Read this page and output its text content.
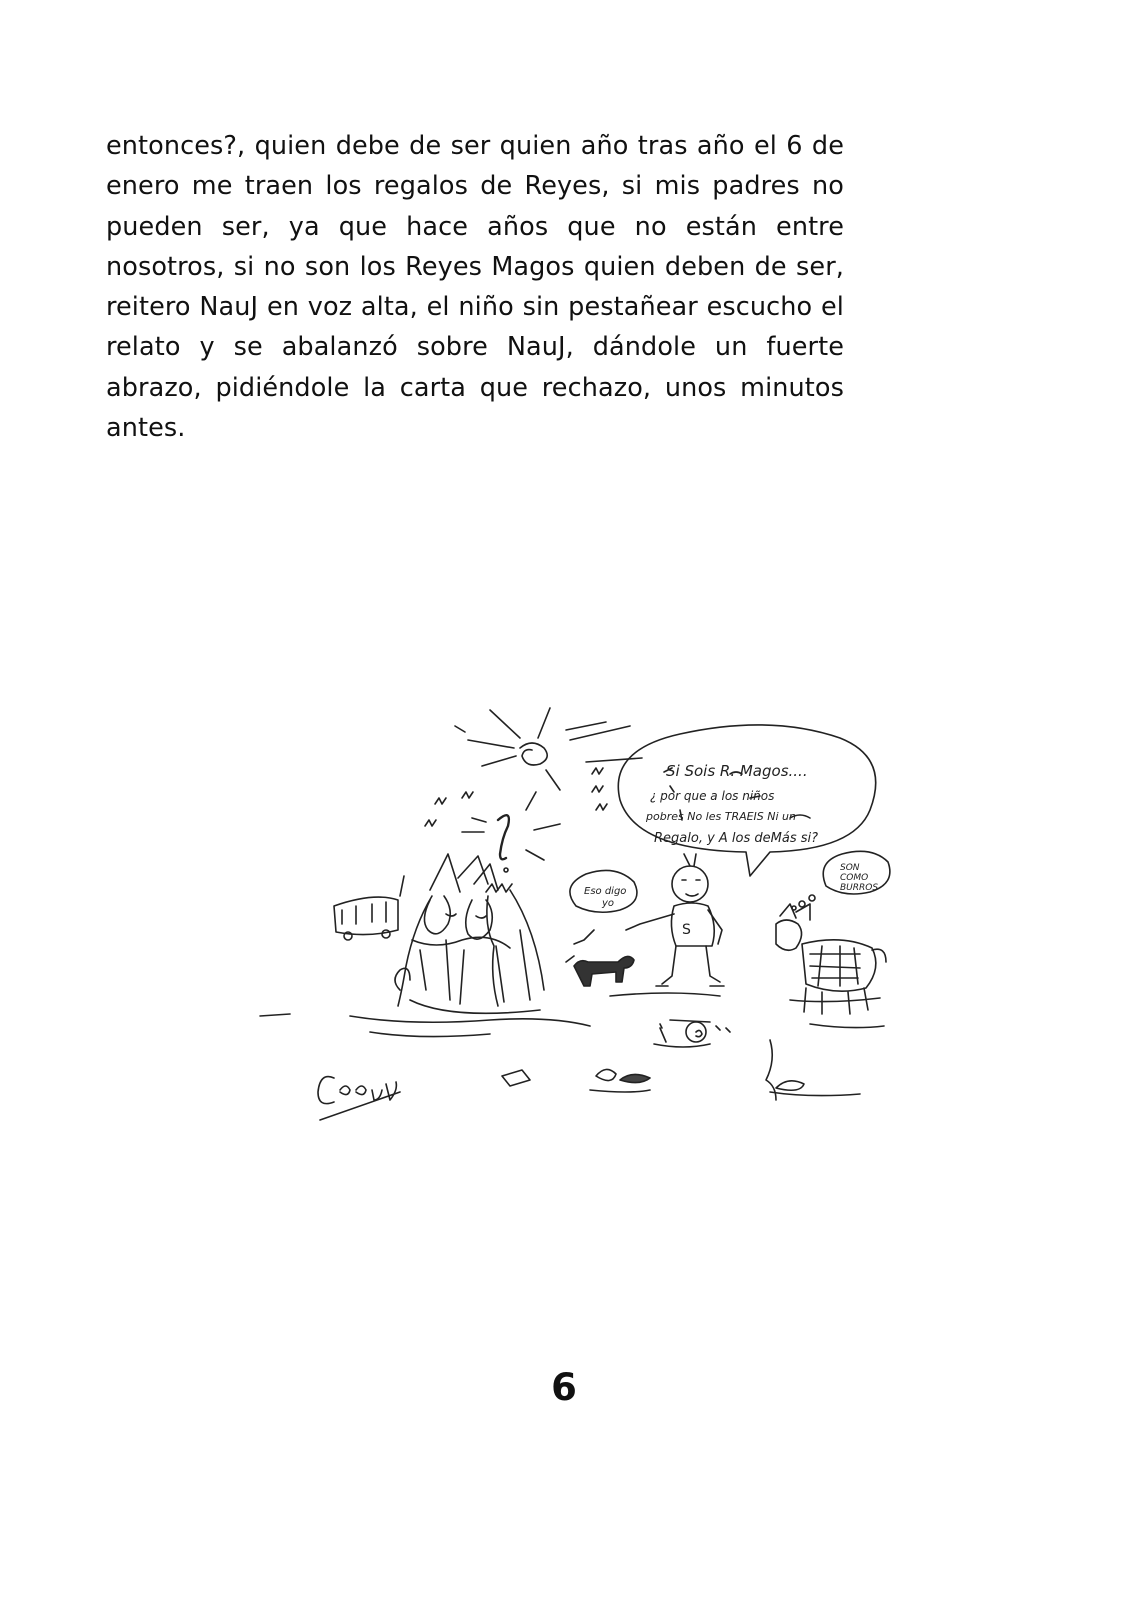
entonces?, quien debe de ser quien año tras año el 6 de enero me traen los regalos de Reyes, si mis padres no pueden ser, ya que hace años que no están entre nosotros, si no son los Reyes Magos quien deben de ser, reitero NauJ en voz alta, el niño sin pestañear escucho el relato y se abalanzó sobre NauJ, dándole un fuerte abrazo, pidiéndole la carta que rechazo, unos minutos antes.

S
Si Sois R. Magos....
¿ por que a los niños
pobres No les TRAEIS Ni un
Regalo, y A los deMás si?
Eso digo
yo
SON
COMO
BURROS
6
